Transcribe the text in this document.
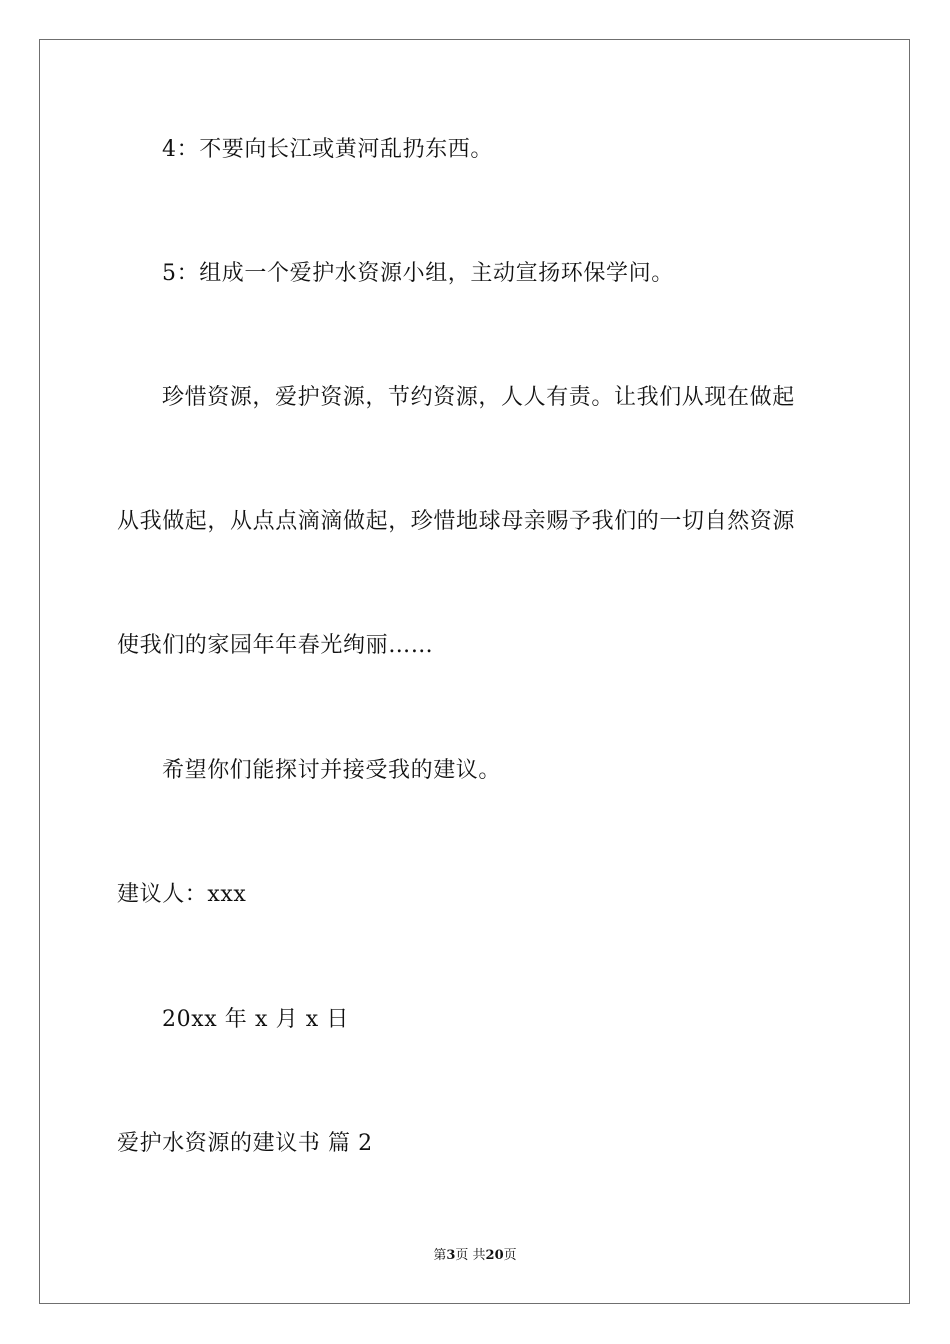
4：不要向长江或黄河乱扔东西。
5：组成一个爱护水资源小组，主动宣扬环保学问。
珍惜资源，爱护资源，节约资源，人人有责。让我们从现在做起
从我做起，从点点滴滴做起，珍惜地球母亲赐予我们的一切自然资源
使我们的家园年年春光绚丽……
希望你们能探讨并接受我的建议。
建议人：xxx
20xx 年 x 月 x 日
爱护水资源的建议书 篇 2
第3页 共20页
